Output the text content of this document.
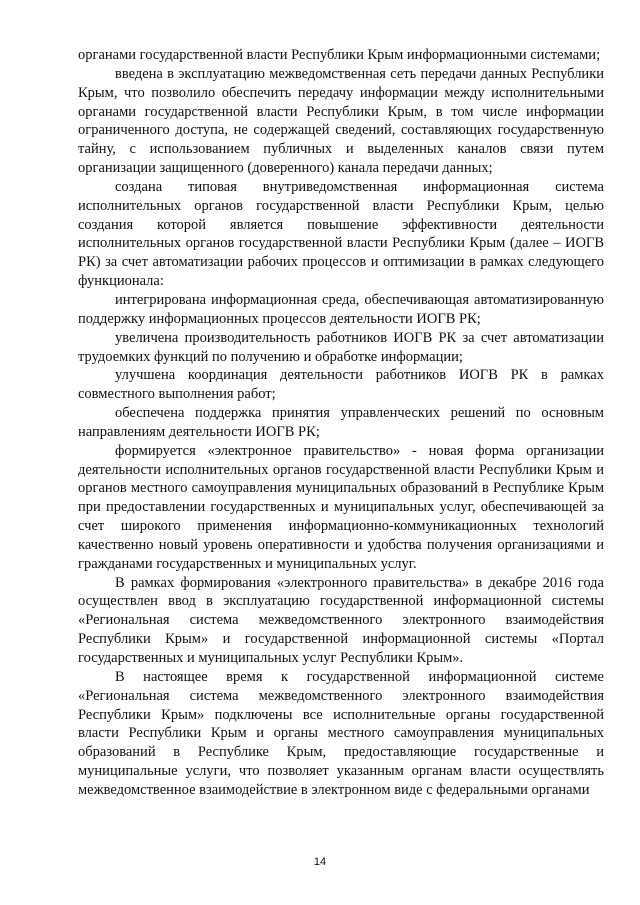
органами государственной власти Республики Крым информационными системами;

введена в эксплуатацию межведомственная сеть передачи данных Республики Крым, что позволило обеспечить передачу информации между исполнительными органами государственной власти Республики Крым, в том числе информации ограниченного доступа, не содержащей сведений, составляющих государственную тайну, с использованием публичных и выделенных каналов связи путем организации защищенного (доверенного) канала передачи данных;

создана типовая внутриведомственная информационная система исполнительных органов государственной власти Республики Крым, целью создания которой является повышение эффективности деятельности исполнительных органов государственной власти Республики Крым (далее – ИОГВ РК) за счет автоматизации рабочих процессов и оптимизации в рамках следующего функционала:

интегрирована информационная среда, обеспечивающая автоматизированную поддержку информационных процессов деятельности ИОГВ РК;

увеличена производительность работников ИОГВ РК за счет автоматизации трудоемких функций по получению и обработке информации;

улучшена координация деятельности работников ИОГВ РК в рамках совместного выполнения работ;

обеспечена поддержка принятия управленческих решений по основным направлениям деятельности ИОГВ РК;

формируется «электронное правительство» - новая форма организации деятельности исполнительных органов государственной власти Республики Крым и органов местного самоуправления муниципальных образований в Республике Крым при предоставлении государственных и муниципальных услуг, обеспечивающей за счет широкого применения информационно-коммуникационных технологий качественно новый уровень оперативности и удобства получения организациями и гражданами государственных и муниципальных услуг.

В рамках формирования «электронного правительства» в декабре 2016 года осуществлен ввод в эксплуатацию государственной информационной системы «Региональная система межведомственного электронного взаимодействия Республики Крым» и государственной информационной системы «Портал государственных и муниципальных услуг Республики Крым».

В настоящее время к государственной информационной системе «Региональная система межведомственного электронного взаимодействия Республики Крым» подключены все исполнительные органы государственной власти Республики Крым и органы местного самоуправления муниципальных образований в Республике Крым, предоставляющие государственные и муниципальные услуги, что позволяет указанным органам власти осуществлять межведомственное взаимодействие в электронном виде с федеральными органами

14
